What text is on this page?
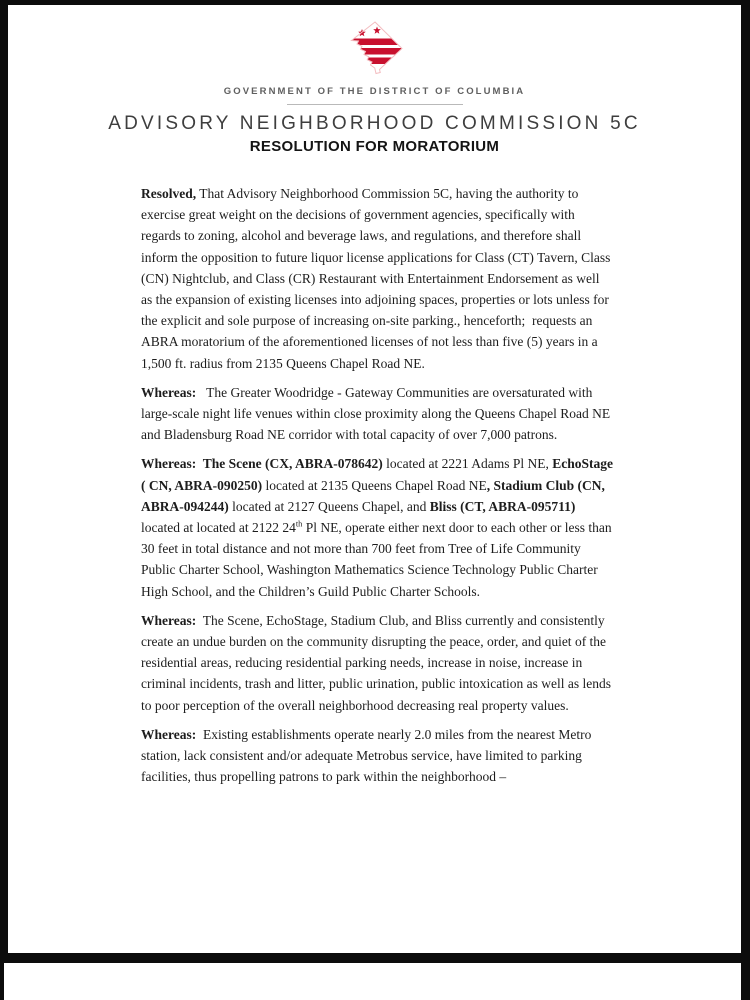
GOVERNMENT OF THE DISTRICT OF COLUMBIA
ADVISORY NEIGHBORHOOD COMMISSION 5C
RESOLUTION FOR MORATORIUM

Resolved, That Advisory Neighborhood Commission 5C, having the authority to exercise great weight on the decisions of government agencies, specifically with regards to zoning, alcohol and beverage laws, and regulations, and therefore shall inform the opposition to future liquor license applications for Class (CT) Tavern, Class (CN) Nightclub, and Class (CR) Restaurant with Entertainment Endorsement as well as the expansion of existing licenses into adjoining spaces, properties or lots unless for the explicit and sole purpose of increasing on-site parking., henceforth;  requests an ABRA moratorium of the aforementioned licenses of not less than five (5) years in a 1,500 ft. radius from 2135 Queens Chapel Road NE.

Whereas:   The Greater Woodridge - Gateway Communities are oversaturated with large-scale night life venues within close proximity along the Queens Chapel Road NE and Bladensburg Road NE corridor with total capacity of over 7,000 patrons.

Whereas:  The Scene (CX, ABRA-078642) located at 2221 Adams Pl NE, EchoStage ( CN, ABRA-090250) located at 2135 Queens Chapel Road NE, Stadium Club (CN, ABRA-094244) located at 2127 Queens Chapel, and Bliss (CT, ABRA-095711) located at located at 2122 24th Pl NE, operate either next door to each other or less than 30 feet in total distance and not more than 700 feet from Tree of Life Community Public Charter School, Washington Mathematics Science Technology Public Charter High School, and the Children’s Guild Public Charter Schools.

Whereas:  The Scene, EchoStage, Stadium Club, and Bliss currently and consistently create an undue burden on the community disrupting the peace, order, and quiet of the residential areas, reducing residential parking needs, increase in noise, increase in criminal incidents, trash and litter, public urination, public intoxication as well as lends to poor perception of the overall neighborhood decreasing real property values.

Whereas:  Existing establishments operate nearly 2.0 miles from the nearest Metro station, lack consistent and/or adequate Metrobus service, have limited to parking facilities, thus propelling patrons to park within the neighborhood –
